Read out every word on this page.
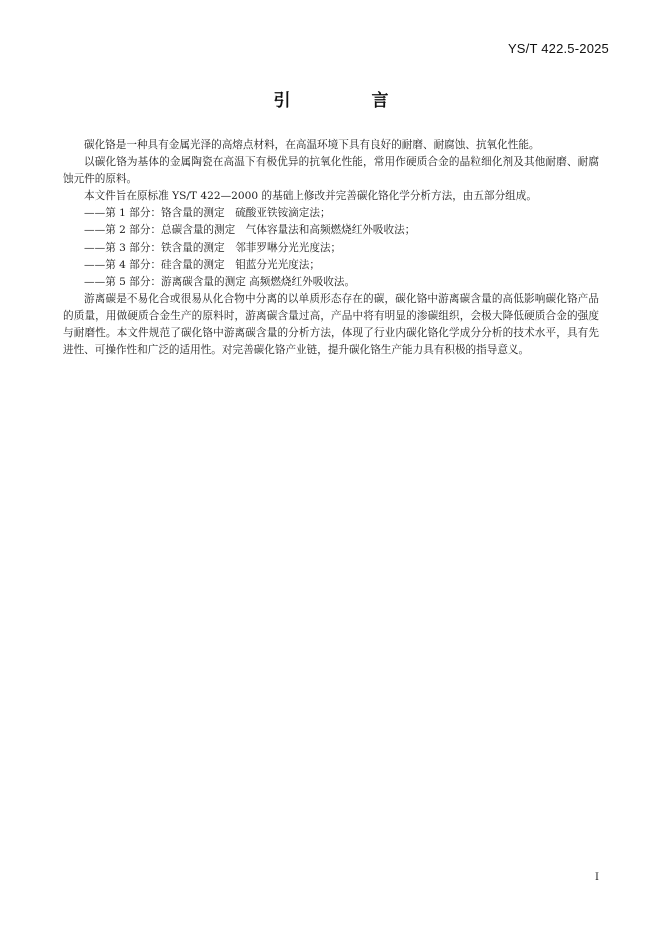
YS/T 422.5-2025
引　言

碳化铬是一种具有金属光泽的高熔点材料，在高温环境下具有良好的耐磨、耐腐蚀、抗氧化性能。

以碳化铬为基体的金属陶瓷在高温下有极优异的抗氧化性能，常用作硬质合金的晶粒细化剂及其他耐磨、耐腐蚀元件的原料。

本文件旨在原标准 YS/T 422—2000 的基础上修改并完善碳化铬化学分析方法，由五部分组成。

——第 1 部分：铬含量的测定　硫酸亚铁铵滴定法；

——第 2 部分：总碳含量的测定　气体容量法和高频燃烧红外吸收法；

——第 3 部分：铁含量的测定　邻菲罗啉分光光度法；

——第 4 部分：硅含量的测定　钼蓝分光光度法；

——第 5 部分：游离碳含量的测定 高频燃烧红外吸收法。

游离碳是不易化合或很易从化合物中分离的以单质形态存在的碳，碳化铬中游离碳含量的高低影响碳化铬产品的质量，用做硬质合金生产的原料时，游离碳含量过高，产品中将有明显的渗碳组织，会极大降低硬质合金的强度与耐磨性。本文件规范了碳化铬中游离碳含量的分析方法，体现了行业内碳化铬化学成分分析的技术水平，具有先进性、可操作性和广泛的适用性。对完善碳化铬产业链，提升碳化铬生产能力具有积极的指导意义。

I
